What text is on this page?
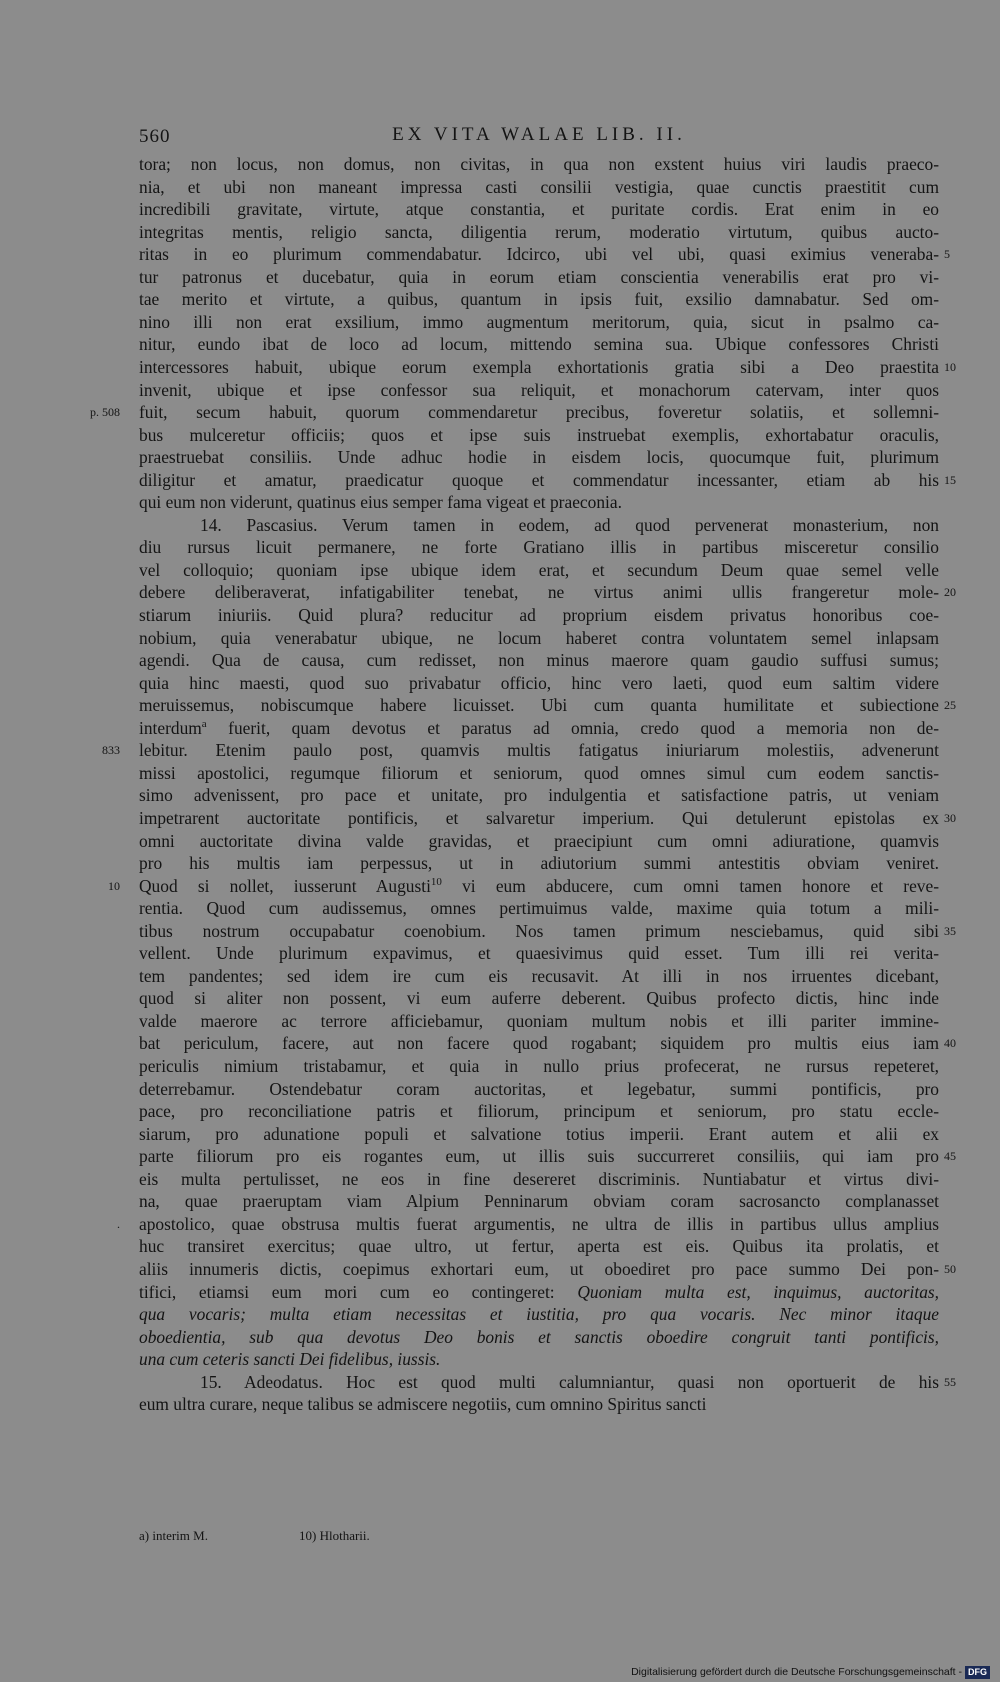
560	EX VITA WALAE LIB. II.
tora; non locus, non domus, non civitas, in qua non exstent huius viri laudis praeco-
nia, et ubi non maneant impressa casti consilii vestigia, quae cunctis praestitit cum
incredibili gravitate, virtute, atque constantia, et puritate cordis. Erat enim in eo
integritas mentis, religio sancta, diligentia rerum, moderatio virtutum, quibus aucto-
ritas in eo plurimum commendabatur. Idcirco, ubi vel ubi, quasi eximius veneraba-
tur patronus et ducebatur, quia in eorum etiam conscientia venerabilis erat pro vi-
tae merito et virtute, a quibus, quantum in ipsis fuit, exsilio damnabatur. Sed om-
nino illi non erat exsilium, immo augmentum meritorum, quia, sicut in psalmo ca-
nitur, eundo ibat de loco ad locum, mittendo semina sua. Ubique confessores Christi
intercessores habuit, ubique eorum exempla exhortationis gratia sibi a Deo praestita
invenit, ubique et ipse confessor sua reliquit, et monachorum catervam, inter quos
fuit, secum habuit, quorum commendaretur precibus, foveretur solatiis, et sollemni-
bus mulceretur officiis; quos et ipse suis instruebat exemplis, exhortabatur oraculis,
praestruebat consiliis. Unde adhuc hodie in eisdem locis, quocumque fuit, plurimum
diligitur et amatur, praedicatur quoque et commendatur incessanter, etiam ab his
qui eum non viderunt, quatinus eius semper fama vigeat et praeconia.
14. Pascasius. Verum tamen in eodem, ad quod pervenerat monasterium, non
diu rursus licuit permanere, ne forte Gratiano illis in partibus misceretur consilio
vel colloquio; quoniam ipse ubique idem erat, et secundum Deum quae semel velle
debere deliberaverat, infatigabiliter tenebat, ne virtus animi ullis frangeretur mole-
stiarum iniuriis. Quid plura? reducitur ad proprium eisdem privatus honoribus coe-
nobium, quia venerabatur ubique, ne locum haberet contra voluntatem semel inlapsam
agendi. Qua de causa, cum redisset, non minus maerore quam gaudio suffusi sumus;
quia hinc maesti, quod suo privabatur officio, hinc vero laeti, quod eum saltim videre
meruissemus, nobiscumque habere licuisset. Ubi cum quanta humilitate et subiectione
interdum$^a$ fuerit, quam devotus et paratus ad omnia, credo quod a memoria non de-
lebitur. Etenim paulo post, quamvis multis fatigatus iniuriarum molestiis, advenerunt
missi apostolici, regumque filiorum et seniorum, quod omnes simul cum eodem sanctis-
simo advenissent, pro pace et unitate, pro indulgentia et satisfactione patris, ut veniam
impetrarent auctoritate pontificis, et salvaretur imperium. Qui detulerunt epistolas ex
omni auctoritate divina valde gravidas, et praecipiunt cum omni adiuratione, quamvis
pro his multis iam perpessus, ut in adiutorium summi antestitis obviam veniret.
Quod si nollet, iusserunt Augusti$^{10}$ vi eum abducere, cum omni tamen honore et reve-
rentia. Quod cum audissemus, omnes pertimuimus valde, maxime quia totum a mili-
tibus nostrum occupabatur coenobium. Nos tamen primum nesciebamus, quid sibi
vellent. Unde plurimum expavimus, et quaesivimus quid esset. Tum illi rei verita-
tem pandentes; sed idem ire cum eis recusavit. At illi in nos irruentes dicebant,
quod si aliter non possent, vi eum auferre deberent. Quibus profecto dictis, hinc inde
valde maerore ac terrore afficiebamur, quoniam multum nobis et illi pariter immine-
bat periculum, facere, aut non facere quod rogabant; siquidem pro multis eius iam
periculis nimium tristabamur, et quia in nullo prius profecerat, ne rursus repeteret,
deterrebamur. Ostendebatur coram auctoritas, et legebatur, summi pontificis, pro
pace, pro reconciliatione patris et filiorum, principum et seniorum, pro statu eccle-
siarum, pro adunatione populi et salvatione totius imperii. Erant autem et alii ex
parte filiorum pro eis rogantes eum, ut illis suis succurreret consiliis, qui iam pro
eis multa pertulisset, ne eos in fine desereret discriminis. Nuntiabatur et virtus divi-
na, quae praeruptam viam Alpium Penninarum obviam coram sacrosancto complanasset
apostolico, quae obstrusa multis fuerat argumentis, ne ultra de illis in partibus ullus amplius
huc transiret exercitus; quae ultro, ut fertur, aperta est eis. Quibus ita prolatis, et
aliis innumeris dictis, coepimus exhortari eum, ut oboediret pro pace summo Dei pon-
tifici, etiamsi eum mori cum eo contingeret: Quoniam multa est, inquimus, auctoritas,
qua vocaris; multa etiam necessitas et iustitia, pro qua vocaris. Nec minor itaque
oboedientia, sub qua devotus Deo bonis et sanctis oboedire congruit tanti pontificis,
una cum ceteris sancti Dei fidelibus, iussis.
15. Adeodatus. Hoc est quod multi calumniantur, quasi non oportuerit de his
eum ultra curare, neque talibus se admiscere negotiis, cum omnino Spiritus sancti
5
10
15
20
25
30
35
40
45
50
55
p. 508
833
10
.
a) interim M.	10) Hlotharii.
Digitalisierung gefördert durch die Deutsche Forschungsgemeinschaft - DFG
